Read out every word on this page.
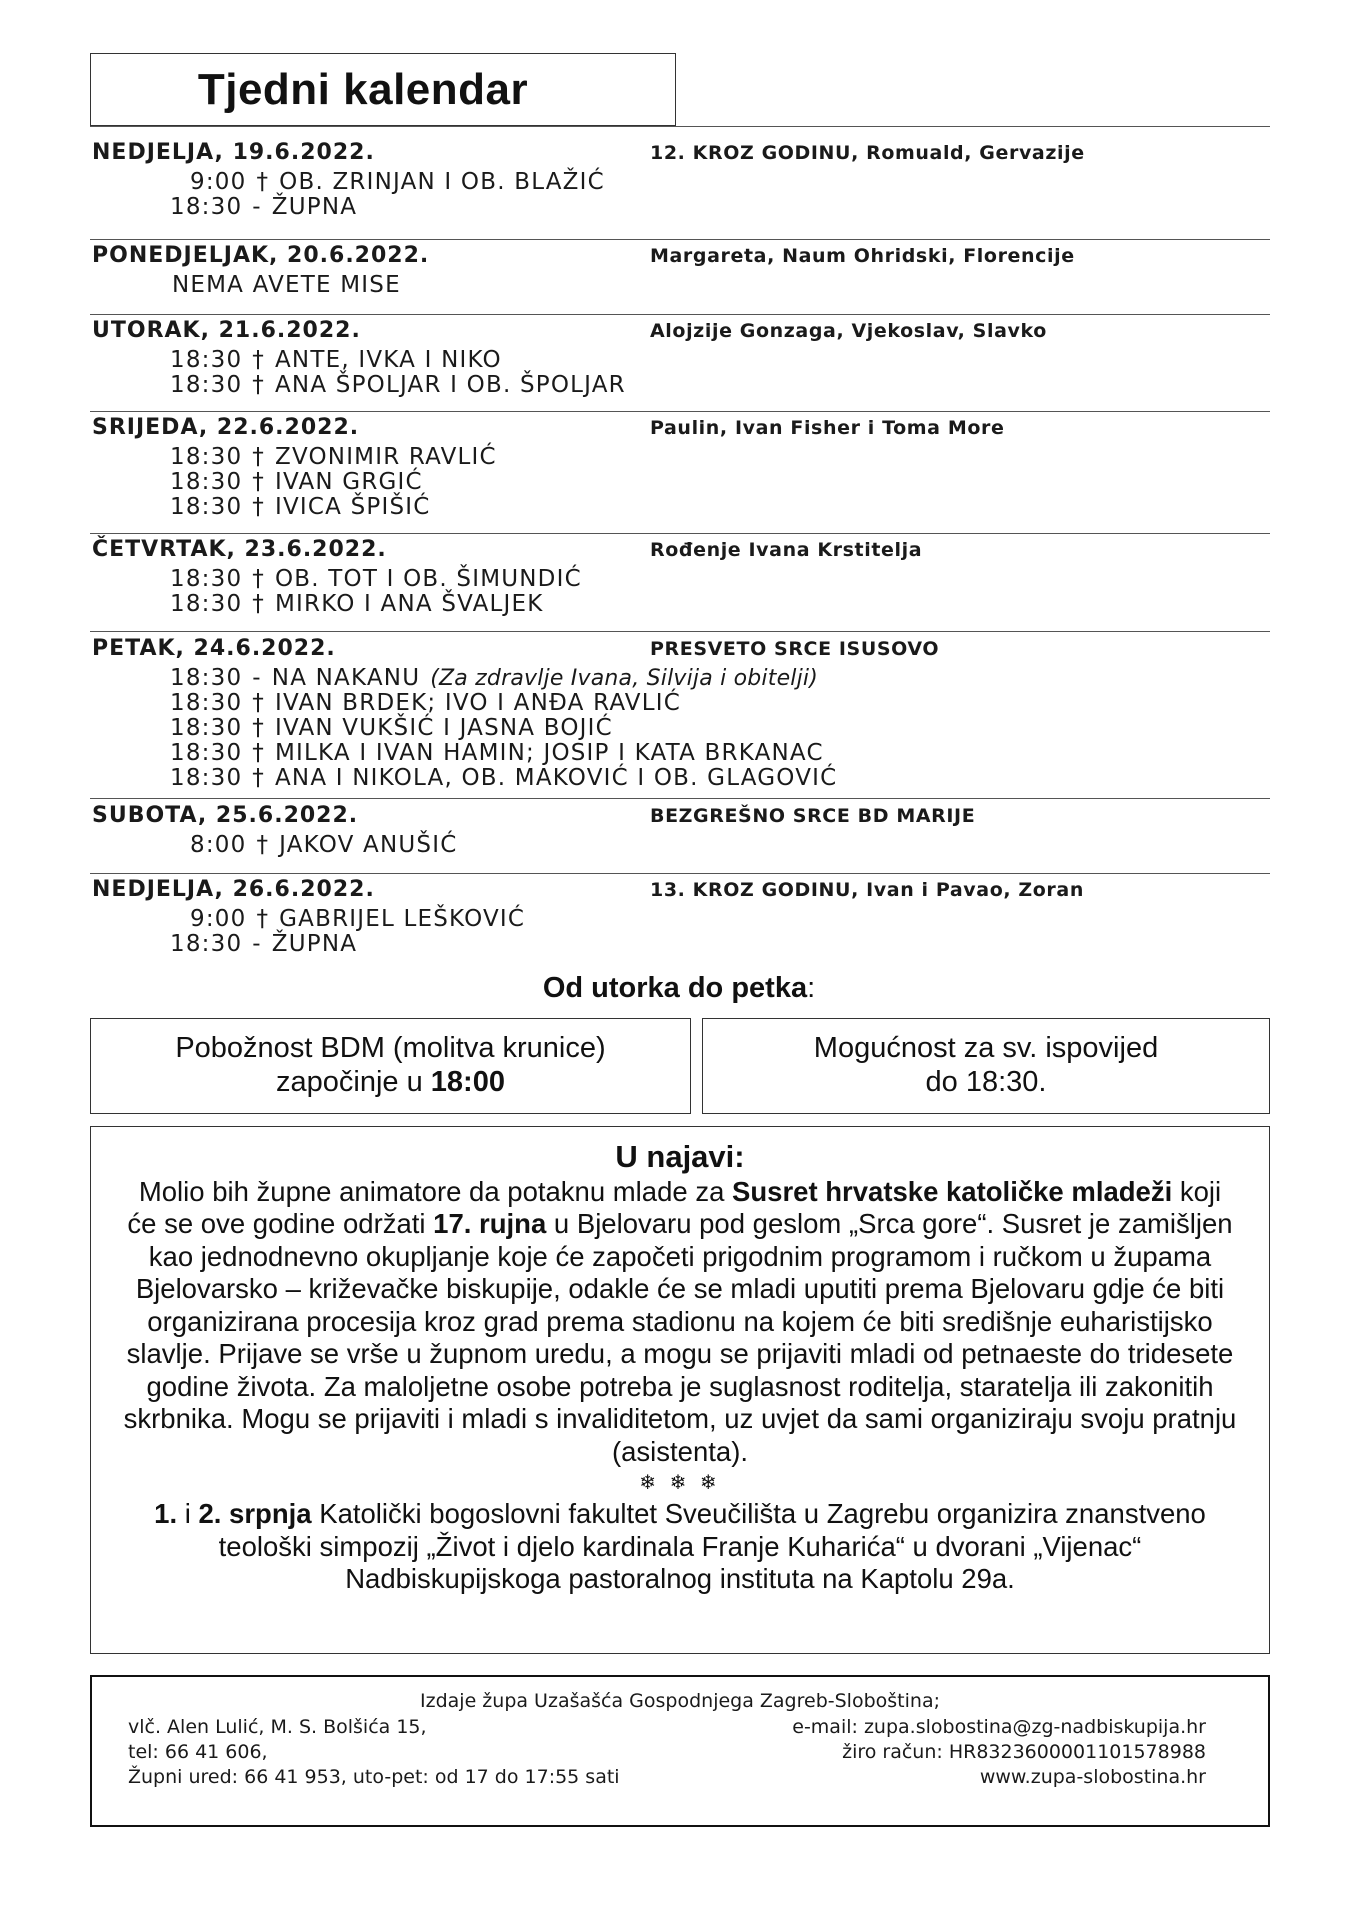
Tjedni kalendar
NEDJELJA, 19.6.2022.	12. KROZ GODINU, Romuald, Gervazije
9:00 † OB. ZRINJAN I OB. BLAŽIĆ
18:30 - ŽUPNA
PONEDJELJAK, 20.6.2022.	Margareta, Naum Ohridski, Florencije
NEMA AVETE MISE
UTORAK, 21.6.2022.	Alojzije Gonzaga, Vjekoslav, Slavko
18:30 † ANTE, IVKA I NIKO
18:30 † ANA ŠPOLJAR I OB. ŠPOLJAR
SRIJEDA, 22.6.2022.	Paulin, Ivan Fisher i Toma More
18:30 † ZVONIMIR RAVLIĆ
18:30 † IVAN GRGIĆ
18:30 † IVICA ŠPIŠIĆ
ČETVRTAK, 23.6.2022.	Rođenje Ivana Krstitelja
18:30 † OB. TOT I OB. ŠIMUNDIĆ
18:30 † MIRKO I ANA ŠVALJEK
PETAK, 24.6.2022.	PRESVETO SRCE ISUSOVO
18:30 - NA NAKANU (Za zdravlje Ivana, Silvija i obitelji)
18:30 † IVAN BRDEK; IVO I ANĐA RAVLIĆ
18:30 † IVAN VUKŠIĆ I JASNA BOJIĆ
18:30 † MILKA I IVAN HAMIN; JOSIP I KATA BRKANAC
18:30 † ANA I NIKOLA, OB. MAKOVIĆ I OB. GLAGOVIĆ
SUBOTA, 25.6.2022.	BEZGREŠNO SRCE BD MARIJE
8:00 † JAKOV ANUŠIĆ
NEDJELJA, 26.6.2022.	13. KROZ GODINU, Ivan i Pavao, Zoran
9:00 † GABRIJEL LEŠKOVIĆ
18:30 - ŽUPNA
Od utorka do petka:
Pobožnost BDM (molitva krunice)
započinje u 18:00
Mogućnost za sv. ispovijed
do 18:30.
U najavi:
Molio bih župne animatore da potaknu mlade za Susret hrvatske katoličke mladeži koji će se ove godine održati 17. rujna u Bjelovaru pod geslom „Srca gore“. Susret je zamišljen kao jednodnevno okupljanje koje će započeti prigodnim programom i ručkom u župama Bjelovarsko – križevačke biskupije, odakle će se mladi uputiti prema Bjelovaru gdje će biti organizirana procesija kroz grad prema stadionu na kojem će biti središnje euharistijsko slavlje. Prijave se vrše u župnom uredu, a mogu se prijaviti mladi od petnaeste do tridesete godine života. Za maloljetne osobe potreba je suglasnost roditelja, staratelja ili zakonitih skrbnika. Mogu se prijaviti i mladi s invaliditetom, uz uvjet da sami organiziraju svoju pratnju (asistenta).
❄ ❄ ❄
1. i 2. srpnja Katolički bogoslovni fakultet Sveučilišta u Zagrebu organizira znanstveno teološki simpozij „Život i djelo kardinala Franje Kuharića“ u dvorani „Vijenac“ Nadbiskupijskoga pastoralnog instituta na Kaptolu 29a.
Izdaje župa Uzašašća Gospodnjega Zagreb-Sloboština;
vlč. Alen Lulić, M. S. Bolšića 15,
tel: 66 41 606,
Župni ured: 66 41 953, uto-pet: od 17 do 17:55 sati
e-mail: zupa.slobostina@zg-nadbiskupija.hr
žiro račun: HR8323600001101578988
www.zupa-slobostina.hr
